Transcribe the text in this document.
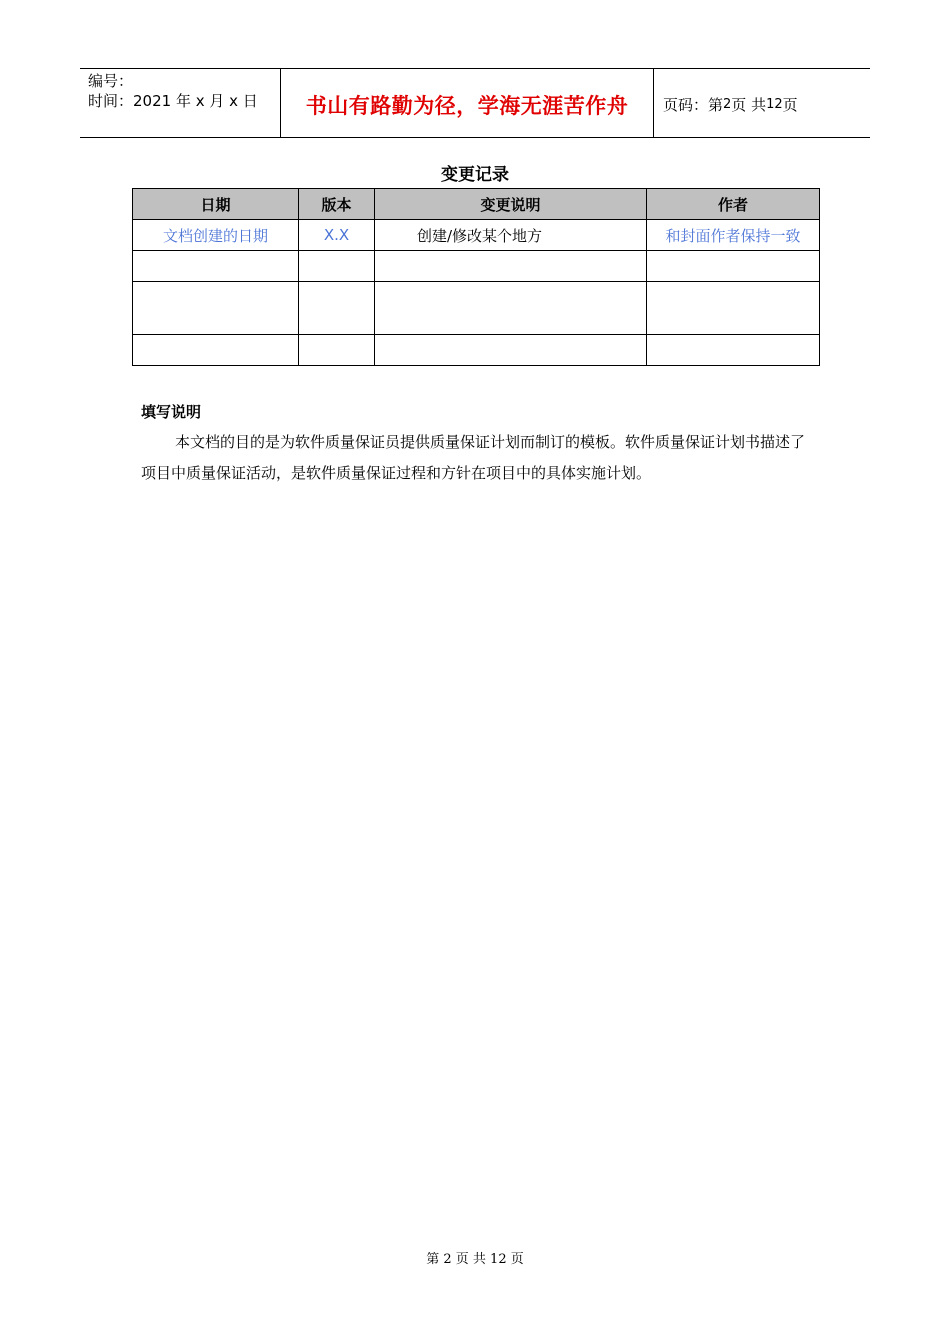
编号：
时间：2021 年 x 月 x 日	书山有路勤为径，学海无涯苦作舟	页码：第 2 页 共 12 页
变更记录
日期	版本	变更说明	作者
文档创建的日期	X.X	创建/修改某个地方	和封面作者保持一致

填写说明
本文档的目的是为软件质量保证员提供质量保证计划而制订的模板。软件质量保证计划书描述了项目中质量保证活动，是软件质量保证过程和方针在项目中的具体实施计划。
第 2 页 共 12 页
